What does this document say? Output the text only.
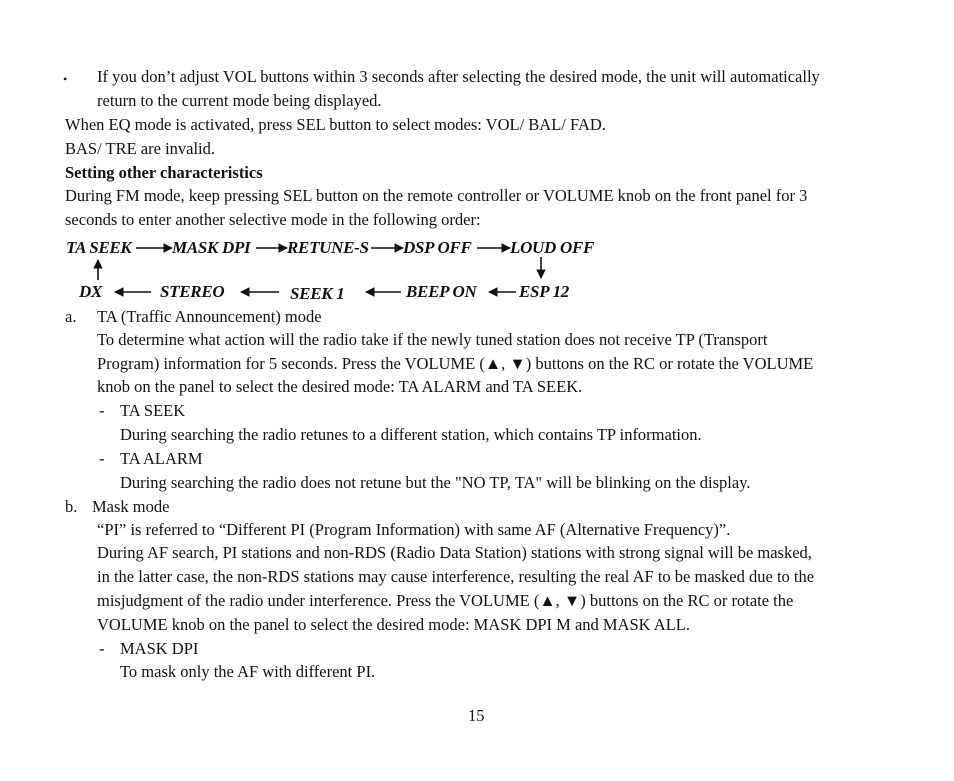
• If you don’t adjust VOL buttons within 3 seconds after selecting the desired mode, the unit will automatically
return to the current mode being displayed.
When EQ mode is activated, press SEL button to select modes: VOL/ BAL/ FAD.
BAS/ TRE are invalid.
Setting other characteristics
During FM mode, keep pressing SEL button on the remote controller or VOLUME knob on the front panel for 3
seconds to enter another selective mode in the following order:
TA SEEK MASK DPI RETUNE-S DSP OFF LOUD OFF
DX	STEREO	SEEK 1	BEEP ON	ESP 12
a. TA (Traffic Announcement) mode
To determine what action will the radio take if the newly tuned station does not receive TP (Transport
Program) information for 5 seconds. Press the VOLUME (▲, ▼) buttons on the RC or rotate the VOLUME
knob on the panel to select the desired mode: TA ALARM and TA SEEK.
- TA SEEK
During searching the radio retunes to a different station, which contains TP information.
- TA ALARM
During searching the radio does not retune but the "NO TP, TA" will be blinking on the display.
b. Mask mode
“PI” is referred to “Different PI (Program Information) with same AF (Alternative Frequency)”.
During AF search, PI stations and non-RDS (Radio Data Station) stations with strong signal will be masked,
in the latter case, the non-RDS stations may cause interference, resulting the real AF to be masked due to the
misjudgment of the radio under interference. Press the VOLUME (▲, ▼) buttons on the RC or rotate the
VOLUME knob on the panel to select the desired mode: MASK DPI M and MASK ALL.
- MASK DPI
To mask only the AF with different PI.
15
